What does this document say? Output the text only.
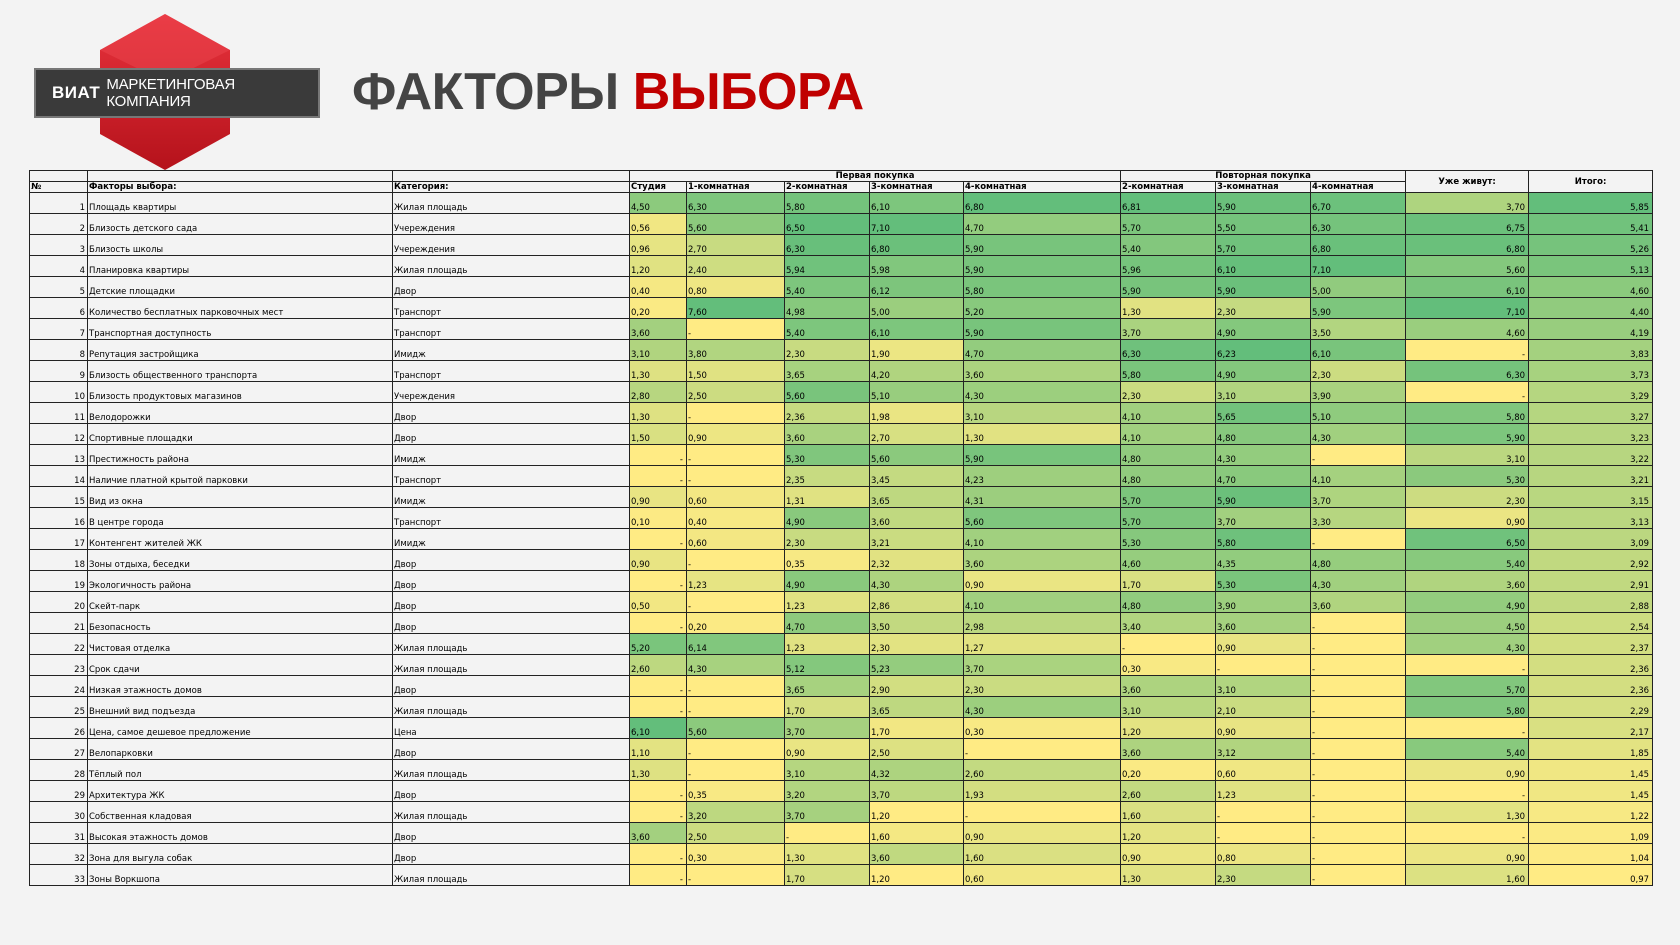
ВИАТ МАРКЕТИНГОВАЯ КОМПАНИЯ	ФАКТОРЫ ВЫБОРА
			Первая покупка					Повторная покупка			Уже живут:	Итого:
№	Факторы выбора:	Категория:	Студия	1-комнатная	2-комнатная	3-комнатная	4-комнатная	2-комнатная	3-комнатная	4-комнатная		
1	Площадь квартиры	Жилая площадь	4,50	6,30	5,80	6,10	6,80	6,81	5,90	6,70	3,70	5,85
2	Близость детского сада	Учереждения	0,56	5,60	6,50	7,10	4,70	5,70	5,50	6,30	6,75	5,41
3	Близость школы	Учереждения	0,96	2,70	6,30	6,80	5,90	5,40	5,70	6,80	6,80	5,26
4	Планировка квартиры	Жилая площадь	1,20	2,40	5,94	5,98	5,90	5,96	6,10	7,10	5,60	5,13
5	Детские площадки	Двор	0,40	0,80	5,40	6,12	5,80	5,90	5,90	5,00	6,10	4,60
6	Количество бесплатных парковочных мест	Транспорт	0,20	7,60	4,98	5,00	5,20	1,30	2,30	5,90	7,10	4,40
7	Транспортная доступность	Транспорт	3,60	-	5,40	6,10	5,90	3,70	4,90	3,50	4,60	4,19
8	Репутация застройщика	Имидж	3,10	3,80	2,30	1,90	4,70	6,30	6,23	6,10	-	3,83
9	Близость общественного транспорта	Транспорт	1,30	1,50	3,65	4,20	3,60	5,80	4,90	2,30	6,30	3,73
10	Близость продуктовых магазинов	Учереждения	2,80	2,50	5,60	5,10	4,30	2,30	3,10	3,90	-	3,29
11	Велодорожки	Двор	1,30	-	2,36	1,98	3,10	4,10	5,65	5,10	5,80	3,27
12	Спортивные площадки	Двор	1,50	0,90	3,60	2,70	1,30	4,10	4,80	4,30	5,90	3,23
13	Престижность района	Имидж	-	-	5,30	5,60	5,90	4,80	4,30	-	3,10	3,22
14	Наличие платной крытой парковки	Транспорт	-	-	2,35	3,45	4,23	4,80	4,70	4,10	5,30	3,21
15	Вид из окна	Имидж	0,90	0,60	1,31	3,65	4,31	5,70	5,90	3,70	2,30	3,15
16	В центре города	Транспорт	0,10	0,40	4,90	3,60	5,60	5,70	3,70	3,30	0,90	3,13
17	Контенгент жителей ЖК	Имидж	-	0,60	2,30	3,21	4,10	5,30	5,80	-	6,50	3,09
18	Зоны отдыха, беседки	Двор	0,90	-	0,35	2,32	3,60	4,60	4,35	4,80	5,40	2,92
19	Экологичность района	Двор	-	1,23	4,90	4,30	0,90	1,70	5,30	4,30	3,60	2,91
20	Скейт-парк	Двор	0,50	-	1,23	2,86	4,10	4,80	3,90	3,60	4,90	2,88
21	Безопасность	Двор	-	0,20	4,70	3,50	2,98	3,40	3,60	-	4,50	2,54
22	Чистовая отделка	Жилая площадь	5,20	6,14	1,23	2,30	1,27	-	0,90	-	4,30	2,37
23	Срок сдачи	Жилая площадь	2,60	4,30	5,12	5,23	3,70	0,30	-	-	-	2,36
24	Низкая этажность домов	Двор	-	-	3,65	2,90	2,30	3,60	3,10	-	5,70	2,36
25	Внешний вид подъезда	Жилая площадь	-	-	1,70	3,65	4,30	3,10	2,10	-	5,80	2,29
26	Цена, самое дешевое предложение	Цена	6,10	5,60	3,70	1,70	0,30	1,20	0,90	-	-	2,17
27	Велопарковки	Двор	1,10	-	0,90	2,50	-	3,60	3,12	-	5,40	1,85
28	Тёплый пол	Жилая площадь	1,30	-	3,10	4,32	2,60	0,20	0,60	-	0,90	1,45
29	Архитектура ЖК	Двор	-	0,35	3,20	3,70	1,93	2,60	1,23	-	-	1,45
30	Собственная кладовая	Жилая площадь	-	3,20	3,70	1,20	-	1,60	-	-	1,30	1,22
31	Высокая этажность домов	Двор	3,60	2,50	-	1,60	0,90	1,20	-	-	-	1,09
32	Зона для выгула собак	Двор	-	0,30	1,30	3,60	1,60	0,90	0,80	-	0,90	1,04
33	Зоны Воркшопа	Жилая площадь	-	-	1,70	1,20	0,60	1,30	2,30	-	1,60	0,97
